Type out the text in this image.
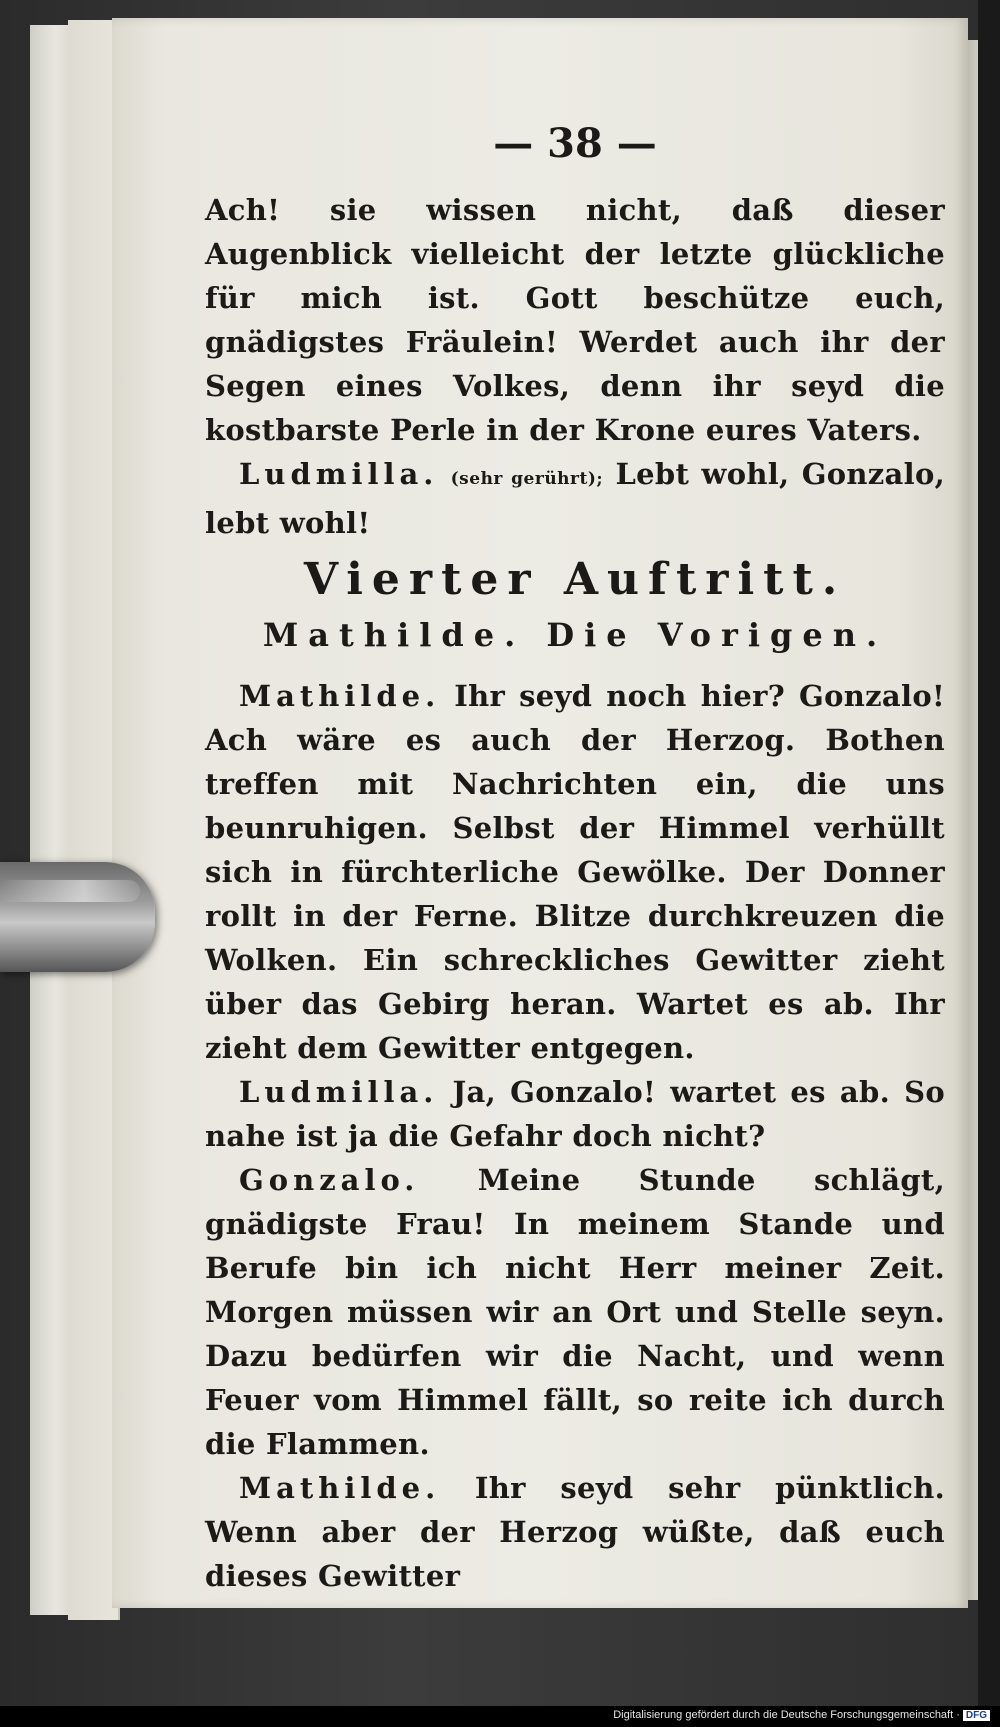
— 38 —

Ach! sie wissen nicht, daß dieser Augenblick vielleicht der letzte glückliche für mich ist. Gott beschütze euch, gnädigstes Fräulein! Werdet auch ihr der Segen eines Volkes, denn ihr seyd die kostbarste Perle in der Krone eures Vaters.

Ludmilla. (sehr gerührt); Lebt wohl, Gonzalo, lebt wohl!

Vierter Auftritt.

Mathilde. Die Vorigen.

Mathilde. Ihr seyd noch hier? Gonzalo! Ach wäre es auch der Herzog. Bothen treffen mit Nachrichten ein, die uns beunruhigen. Selbst der Himmel verhüllt sich in fürchterliche Gewölke. Der Donner rollt in der Ferne. Blitze durchkreuzen die Wolken. Ein schreckliches Gewitter zieht über das Gebirg heran. Wartet es ab. Ihr zieht dem Gewitter entgegen.

Ludmilla. Ja, Gonzalo! wartet es ab. So nahe ist ja die Gefahr doch nicht?

Gonzalo. Meine Stunde schlägt, gnädigste Frau! In meinem Stande und Berufe bin ich nicht Herr meiner Zeit. Morgen müssen wir an Ort und Stelle seyn. Dazu bedürfen wir die Nacht, und wenn Feuer vom Himmel fällt, so reite ich durch die Flammen.

Mathilde. Ihr seyd sehr pünktlich. Wenn aber der Herzog wüßte, daß euch dieses Gewitter

Digitalisierung gefördert durch die Deutsche Forschungsgemeinschaft · DFG
